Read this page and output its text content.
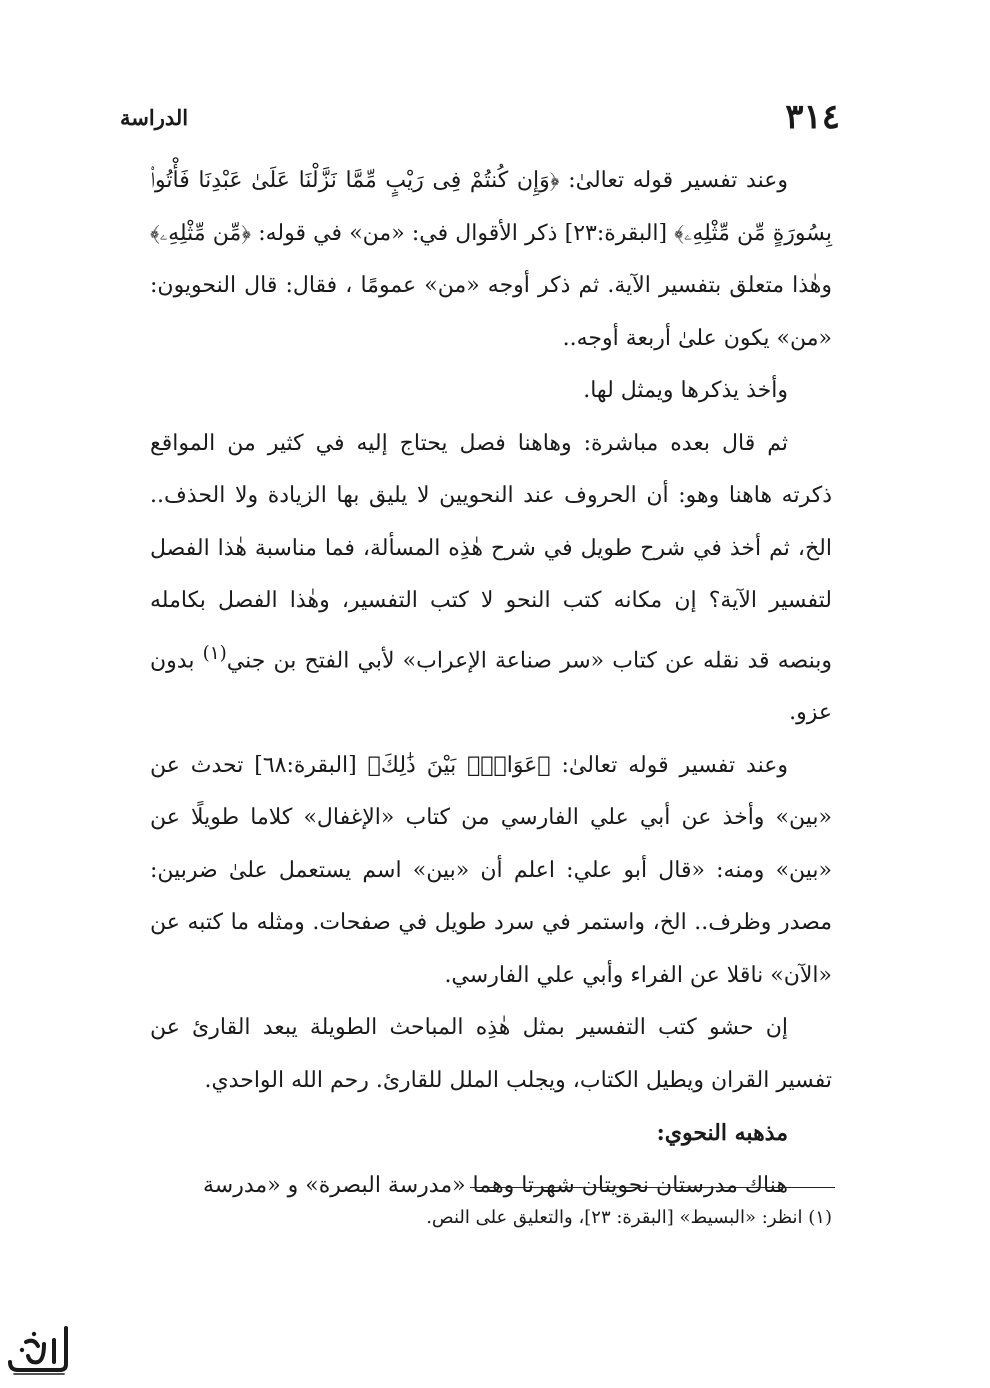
٣١٤
الدراسة

وعند تفسير قوله تعالىٰ: ﴿وَإِن كُنتُمْ فِى رَيْبٍ مِّمَّا نَزَّلْنَا عَلَىٰ عَبْدِنَا فَأْتُوا۟ بِسُورَةٍ مِّن مِّثْلِهِۦ﴾ [البقرة:٢٣] ذكر الأقوال في: «من» في قوله: ﴿مِّن مِّثْلِهِۦ﴾ وهٰذا متعلق بتفسير الآية. ثم ذكر أوجه «من» عمومًا ، فقال: قال النحويون: «من» يكون علىٰ أربعة أوجه..

وأخذ يذكرها ويمثل لها.

ثم قال بعده مباشرة: وهاهنا فصل يحتاج إليه في كثير من المواقع ذكرته هاهنا وهو: أن الحروف عند النحويين لا يليق بها الزيادة ولا الحذف.. الخ، ثم أخذ في شرح طويل في شرح هٰذِه المسألة، فما مناسبة هٰذا الفصل لتفسير الآية؟ إن مكانه كتب النحو لا كتب التفسير، وهٰذا الفصل بكامله وبنصه قد نقله عن كتاب «سر صناعة الإعراب» لأبي الفتح بن جني$^{(١)}$ بدون عزو.

وعند تفسير قوله تعالىٰ: ﴿عَوَانٌۢ بَيْنَ ذَٰلِكَ﴾ [البقرة:٦٨] تحدث عن «بين» وأخذ عن أبي علي الفارسي من كتاب «الإغفال» كلاما طويلًا عن «بين» ومنه: «قال أبو علي: اعلم أن «بين» اسم يستعمل علىٰ ضربين: مصدر وظرف.. الخ، واستمر في سرد طويل في صفحات. ومثله ما كتبه عن «الآن» ناقلا عن الفراء وأبي علي الفارسي.

إن حشو كتب التفسير بمثل هٰذِه المباحث الطويلة يبعد القارئ عن تفسير القران ويطيل الكتاب، ويجلب الملل للقارئ. رحم الله الواحدي.

مذهبه النحوي:

هناك مدرستان نحويتان شهرتا وهما «مدرسة البصرة» و «مدرسة

(١) انظر: «البسيط» [البقرة: ٢٣]، والتعليق على النص.
